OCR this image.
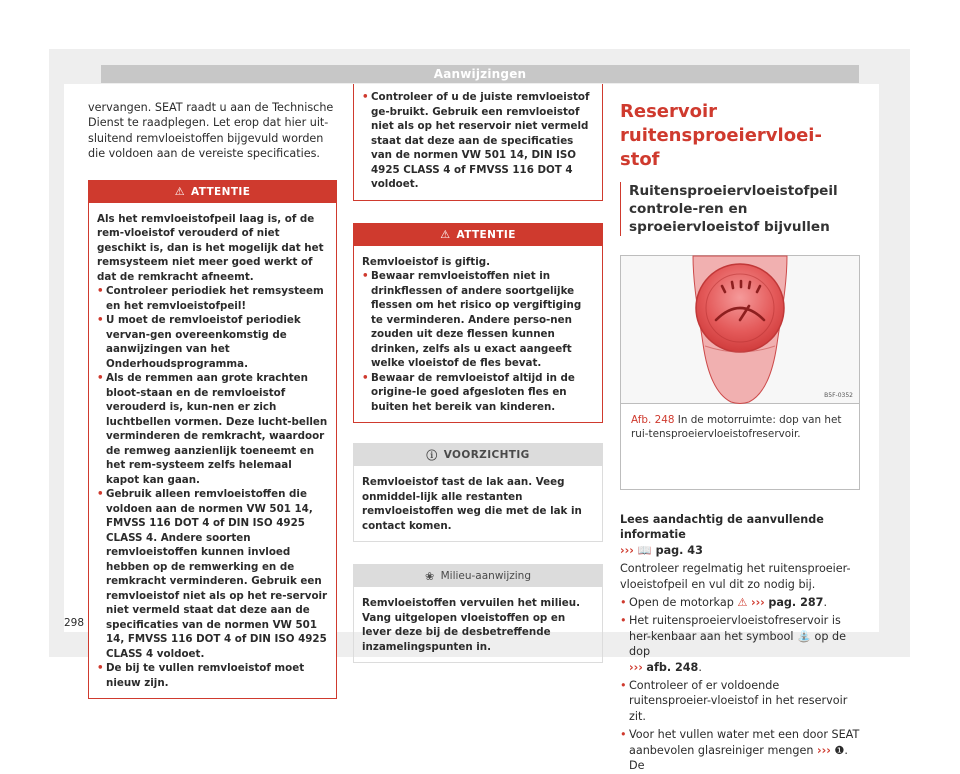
Aanwijzingen

vervangen. SEAT raadt u aan de Technische Dienst te raadplegen. Let erop dat hier uit-sluitend remvloeistoffen bijgevuld worden die voldoen aan de vereiste specificaties.

⚠ ATTENTIE

Als het remvloeistofpeil laag is, of de rem-vloeistof verouderd of niet geschikt is, dan is het mogelijk dat het remsysteem niet meer goed werkt of dat de remkracht afneemt.

• Controleer periodiek het remsysteem en het remvloeistofpeil!

• U moet de remvloeistof periodiek vervan-gen overeenkomstig de aanwijzingen van het Onderhoudsprogramma.

• Als de remmen aan grote krachten bloot-staan en de remvloeistof verouderd is, kun-nen er zich luchtbellen vormen. Deze lucht-bellen verminderen de remkracht, waardoor de remweg aanzienlijk toeneemt en het rem-systeem zelfs helemaal kapot kan gaan.

• Gebruik alleen remvloeistoffen die voldoen aan de normen VW 501 14, FMVSS 116 DOT 4 of DIN ISO 4925 CLASS 4. Andere soorten remvloeistoffen kunnen invloed hebben op de remwerking en de remkracht verminderen. Gebruik een remvloeistof niet als op het re-servoir niet vermeld staat dat deze aan de specificaties van de normen VW 501 14, FMVSS 116 DOT 4 of DIN ISO 4925 CLASS 4 voldoet.

• De bij te vullen remvloeistof moet nieuw zijn.

• Controleer of u de juiste remvloeistof ge-bruikt. Gebruik een remvloeistof niet als op het reservoir niet vermeld staat dat deze aan de specificaties van de normen VW 501 14, DIN ISO 4925 CLASS 4 of FMVSS 116 DOT 4 voldoet.

⚠ ATTENTIE

Remvloeistof is giftig.

• Bewaar remvloeistoffen niet in drinkflessen of andere soortgelijke flessen om het risico op vergiftiging te verminderen. Andere perso-nen zouden uit deze flessen kunnen drinken, zelfs als u exact aangeeft welke vloeistof de fles bevat.

• Bewaar de remvloeistof altijd in de origine-le goed afgesloten fles en buiten het bereik van kinderen.

ⓘ VOORZICHTIG

Remvloeistof tast de lak aan. Veeg onmiddel-lijk alle restanten remvloeistoffen weg die met de lak in contact komen.

❀ Milieu-aanwijzing

Remvloeistoffen vervuilen het milieu. Vang uitgelopen vloeistoffen op en lever deze bij de desbetreffende inzamelingspunten in.

Reservoir ruitensproeiervloei-stof
Ruitensproeiervloeistofpeil controle-ren en sproeiervloeistof bijvullen
B5F-0352
Afb. 248 In de motorruimte: dop van het rui-tensproeiervloeistofreservoir.

Lees aandachtig de aanvullende informatie
››› 📖 pag. 43

Controleer regelmatig het ruitensproeier-vloeistofpeil en vul dit zo nodig bij.

• Open de motorkap ⚠ ››› pag. 287.

• Het ruitensproeiervloeistofreservoir is her-kenbaar aan het symbool ⛲ op de dop
››› afb. 248.

• Controleer of er voldoende ruitensproeier-vloeistof in het reservoir zit.

• Voor het vullen water met een door SEAT aanbevolen glasreiniger mengen ››› ❶. De

298
